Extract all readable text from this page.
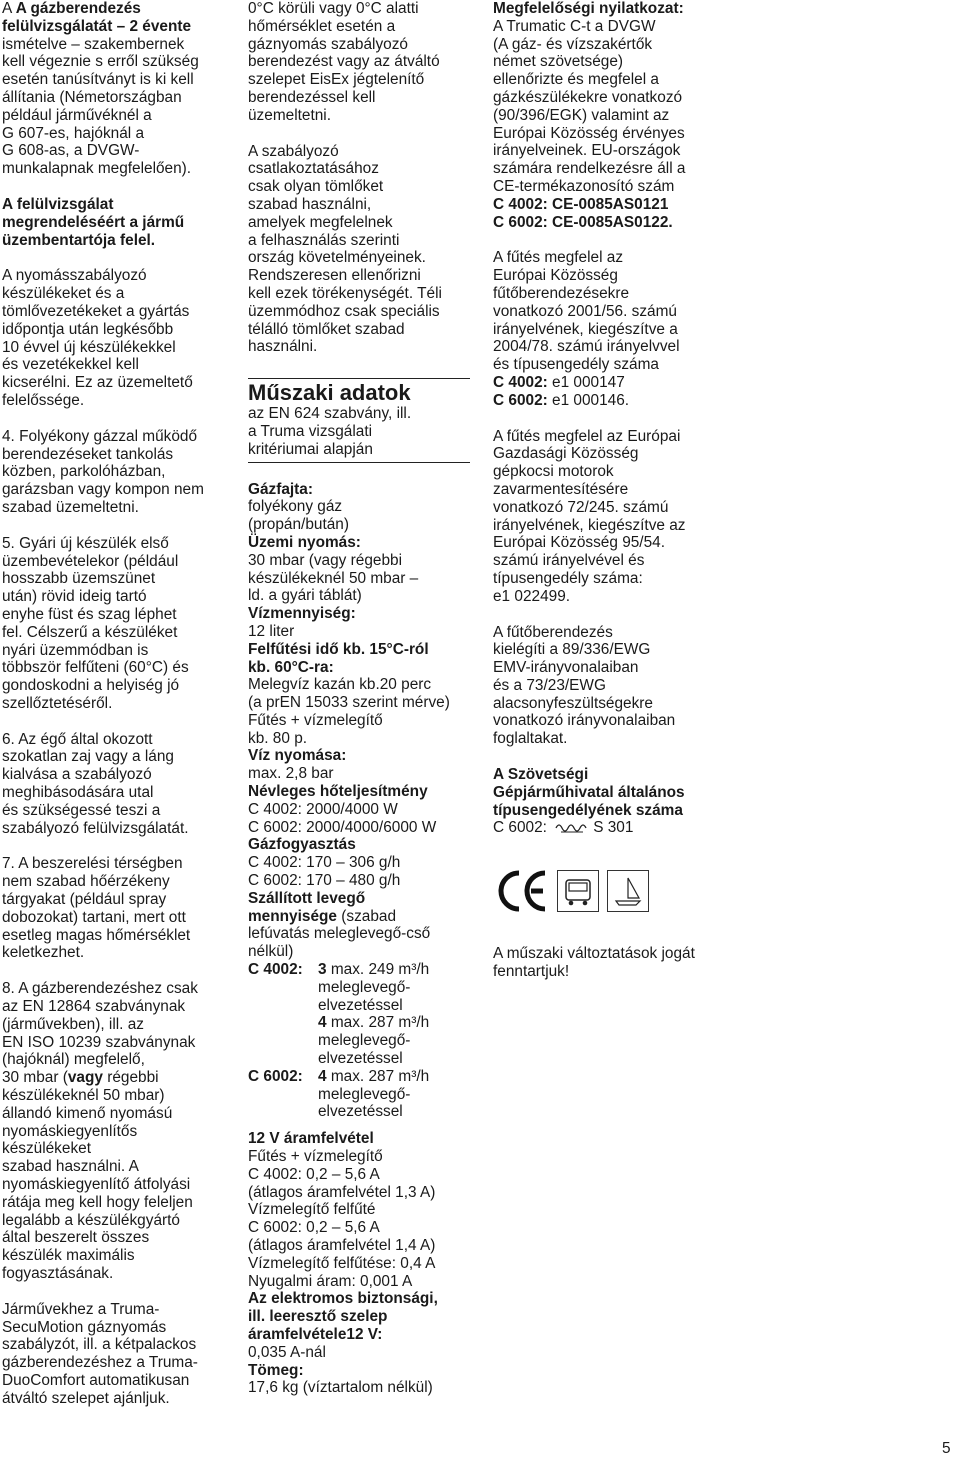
A A gázberendezés
felülvizsgálatát – 2 évente
ismételve – szakembernek
kell végeznie s erről szükség
esetén tanúsítványt is ki kell
állítania (Németországban
például járművéknél a
G 607-es, hajóknál a
G 608-as, a DVGW-
munkalapnak megfelelően).
A felülvizsgálat
megrendeléséért a jármű
üzembentartója felel.
A nyomásszabályozó
készülékeket és a
tömlővezetékeket a gyártás
időpontja után legkésőbb
10 évvel új készülékekkel
és vezetékekkel kell
kicserélni. Ez az üzemeltető
felelőssége.
4. Folyékony gázzal működő
berendezéseket tankolás
közben, parkolóházban,
garázsban vagy kompon nem
szabad üzemeltetni.
5. Gyári új készülék első
üzembevételekor (például
hosszabb üzemszünet
után) rövid ideig tartó
enyhe füst és szag léphet
fel. Célszerű a készüléket
nyári üzemmódban is
többször felfűteni (60°C) és
gondoskodni a helyiség jó
szellőztetéséről.
6. Az égő által okozott
szokatlan zaj vagy a láng
kialvása a szabályozó
meghibásodására utal
és szükségessé teszi a
szabályozó felülvizsgálatát.
7. A beszerelési térségben
nem szabad hőérzékeny
tárgyakat (például spray
dobozokat) tartani, mert ott
esetleg magas hőmérséklet
keletkezhet.
8. A gázberendezéshez csak
az EN 12864 szabványnak
(járművekben), ill. az
EN ISO 10239 szabványnak
(hajóknál) megfelelő,
30 mbar (vagy régebbi
készülékeknél 50 mbar)
állandó kimenő nyomású
nyomáskiegyenlítős
készülékeket
szabad használni. A
nyomáskiegyenlítő átfolyási
rátája meg kell hogy feleljen
legalább a készülékgyártó
által beszerelt összes
készülék maximális
fogyasztásának.
Járművekhez a Truma-
SecuMotion gáznyomás
szabályzót, ill. a kétpalackos
gázberendezéshez a Truma-
DuoComfort automatikusan
átváltó szelepet ajánljuk.
0°C körüli vagy 0°C alatti
hőmérséklet esetén a
gáznyomás szabályozó
berendezést vagy az átváltó
szelepet EisEx jégtelenítő
berendezéssel kell
üzemeltetni.
A szabályozó
csatlakoztatásához
csak olyan tömlőket
szabad használni,
amelyek megfelelnek
a felhasználás szerinti
ország követelményeinek.
Rendszeresen ellenőrizni
kell ezek törékenységét. Téli
üzemmódhoz csak speciális
télálló tömlőket szabad
használni.
Műszaki adatok
az EN 624 szabvány, ill.
a Truma vizsgálati
kritériumai alapján
Gázfajta:
folyékony gáz
(propán/bután)
Üzemi nyomás:
30 mbar (vagy régebbi
készülékeknél 50 mbar –
ld. a gyári táblát)
Vízmennyiség:
12 liter
Felfűtési idő kb. 15°C-ról
kb. 60°C-ra:
Melegvíz kazán kb.20 perc
(a prEN 15033 szerint mérve)
Fűtés + vízmelegítő
kb. 80 p.
Víz nyomása:
max. 2,8 bar
Névleges hőteljesítmény
C 4002: 2000/4000 W
C 6002: 2000/4000/6000 W
Gázfogyasztás
C 4002: 170 – 306 g/h
C 6002: 170 – 480 g/h
Szállított levegő
mennyisége (szabad
lefúvatás meleglevegő-cső
nélkül)
C 4002: 3 max. 249 m³/h
meleglevegő-
elvezetéssel
4 max. 287 m³/h
meleglevegő-
elvezetéssel
C 6002: 4 max. 287 m³/h
meleglevegő-
elvezetéssel
12 V áramfelvétel
Fűtés + vízmelegítő
C 4002: 0,2 – 5,6 A
(átlagos áramfelvétel 1,3 A)
Vízmelegítő felfűté
C 6002: 0,2 – 5,6 A
(átlagos áramfelvétel 1,4 A)
Vízmelegítő felfűtése: 0,4 A
Nyugalmi áram: 0,001 A
Az elektromos biztonsági,
ill. leeresztő szelep
áramfelvétele12 V:
0,035 A-nál
Tömeg:
17,6 kg (víztartalom nélkül)
Megfelelőségi nyilatkozat:
A Trumatic C-t a DVGW
(A gáz- és vízszakértők
német szövetsége)
ellenőrizte és megfelel a
gázkészülékekre vonatkozó
(90/396/EGK) valamint az
Európai Közösség érvényes
irányelveinek. EU-országok
számára rendelkezésre áll a
CE-termékazonosító szám
C 4002: CE-0085AS0121
C 6002: CE-0085AS0122.
A fűtés megfelel az
Európai Közösség
fűtőberendezésekre
vonatkozó 2001/56. számú
irányelvének, kiegészítve a
2004/78. számú irányelvvel
és típusengedély száma
C 4002: e1 000147
C 6002: e1 000146.
A fűtés megfelel az Európai
Gazdasági Közösség
gépkocsi motorok
zavarmentesítésére
vonatkozó 72/245. számú
irányelvének, kiegészítve az
Európai Közösség 95/54.
számú irányelvével és
típusengedély száma:
e1 022499.
A fűtőberendezés
kielégíti a 89/336/EWG
EMV-irányvonalaiban
és a 73/23/EWG
alacsonyfeszültségekre
vonatkozó irányvonalaiban
foglaltakat.
A Szövetségi
Gépjárműhivatal általános
típusengedélyének száma
C 6002:	S 301
A műszaki változtatások jogát
fenntartjuk!
5
